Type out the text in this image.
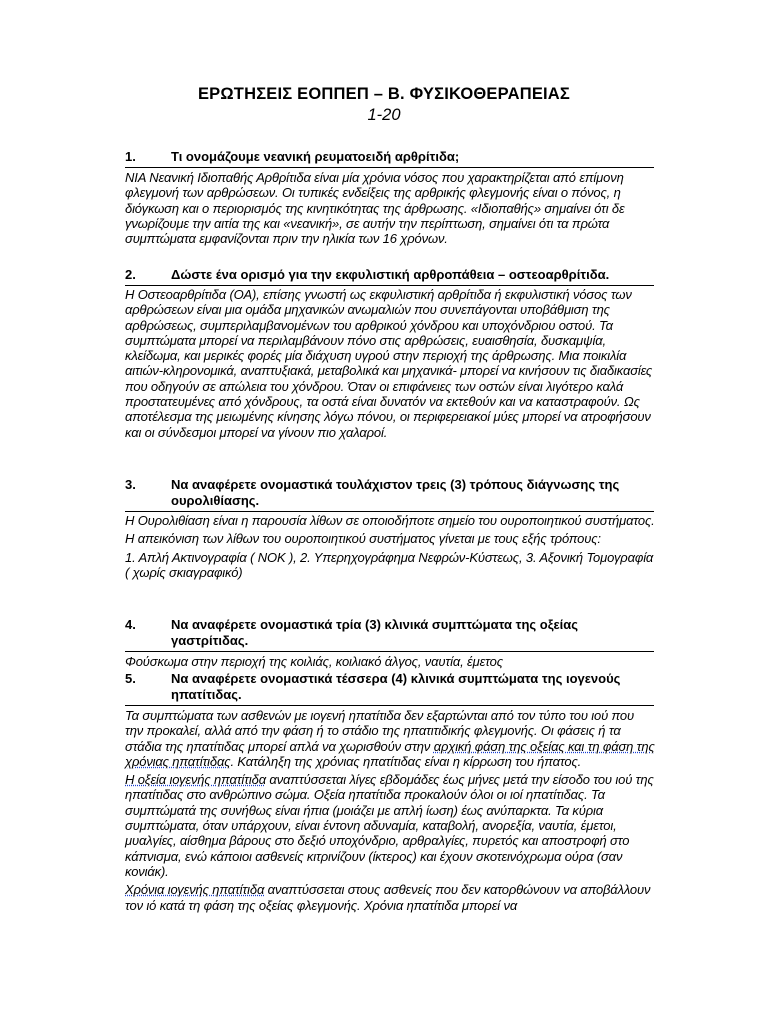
ΕΡΩΤΗΣΕΙΣ ΕΟΠΠΕΠ – Β. ΦΥΣΙΚΟΘΕΡΑΠΕΙΑΣ
1-20
1.	Τι ονομάζουμε νεανική ρευματοειδή αρθρίτιδα;

ΝΙΑ Νεανική Ιδιοπαθής Αρθρίτιδα είναι μία χρόνια νόσος που χαρακτηρίζεται από επίμονη φλεγμονή των αρθρώσεων. Οι τυπικές ενδείξεις της αρθρικής φλεγμονής είναι ο πόνος, η διόγκωση και ο περιορισμός της κινητικότητας της άρθρωσης. «Ιδιοπαθής» σημαίνει ότι δε γνωρίζουμε την αιτία της και «νεανική», σε αυτήν την περίπτωση, σημαίνει ότι τα πρώτα συμπτώματα εμφανίζονται πριν την ηλικία των 16 χρόνων.

2.	Δώστε ένα ορισμό για την εκφυλιστική αρθροπάθεια – οστεοαρθρίτιδα.

Η Οστεοαρθρίτιδα (ΟΑ), επίσης γνωστή ως εκφυλιστική αρθρίτιδα ή εκφυλιστική νόσος των αρθρώσεων είναι μια ομάδα μηχανικών ανωμαλιών που συνεπάγονται υποβάθμιση της αρθρώσεως, συμπεριλαμβανομένων του αρθρικού χόνδρου και υποχόνδριου οστού. Τα συμπτώματα μπορεί να περιλαμβάνουν πόνο στις αρθρώσεις, ευαισθησία, δυσκαμψία, κλείδωμα, και μερικές φορές μία διάχυση υγρού στην περιοχή της άρθρωσης. Μια ποικιλία αιτιών-κληρονομικά, αναπτυξιακά, μεταβολικά και μηχανικά- μπορεί να κινήσουν τις διαδικασίες που οδηγούν σε απώλεια του χόνδρου. Όταν οι επιφάνειες των οστών είναι λιγότερο καλά προστατευμένες από χόνδρους, τα οστά είναι δυνατόν να εκτεθούν και να καταστραφούν. Ως αποτέλεσμα της μειωμένης κίνησης λόγω πόνου, οι περιφερειακοί μύες μπορεί να ατροφήσουν και οι σύνδεσμοι μπορεί να γίνουν πιο χαλαροί.

3.	Να αναφέρετε ονομαστικά τουλάχιστον τρεις (3) τρόπους διάγνωσης της ουρολιθίασης.

Η Ουρολιθίαση είναι η παρουσία λίθων σε οποιοδήποτε σημείο του ουροποιητικού συστήματος.

Η απεικόνιση των λίθων του ουροποιητικού συστήματος γίνεται με τους εξής τρόπους:

1. Απλή Ακτινογραφία ( ΝΟΚ ), 2. Υπερηχογράφημα Νεφρών-Κύστεως, 3. Αξονική Τομογραφία ( χωρίς σκιαγραφικό)

4.	Να αναφέρετε ονομαστικά τρία (3) κλινικά συμπτώματα της οξείας γαστρίτιδας.

Φούσκωμα στην περιοχή της κοιλιάς, κοιλιακό άλγος, ναυτία, έμετος

5.	Να αναφέρετε ονομαστικά τέσσερα (4) κλινικά συμπτώματα της ιογενούς ηπατίτιδας.

Τα συμπτώματα των ασθενών με ιογενή ηπατίτιδα δεν εξαρτώνται από τον τύπο του ιού που την προκαλεί, αλλά από την φάση ή το στάδιο της ηπατιτιδικής φλεγμονής. Οι φάσεις ή τα στάδια της ηπατίτιδας μπορεί απλά να χωρισθούν στην αρχική φάση της οξείας και τη φάση της χρόνιας ηπατίτιδας. Κατάληξη της χρόνιας ηπατίτιδας είναι η κίρρωση του ήπατος.

Η οξεία ιογενής ηπατίτιδα αναπτύσσεται λίγες εβδομάδες έως μήνες μετά την είσοδο του ιού της ηπατίτιδας στο ανθρώπινο σώμα. Οξεία ηπατίτιδα προκαλούν όλοι οι ιοί ηπατίτιδας. Τα συμπτώματά της συνήθως είναι ήπια (μοιάζει με απλή ίωση) έως ανύπαρκτα. Τα κύρια συμπτώματα, όταν υπάρχουν, είναι έντονη αδυναμία, καταβολή, ανορεξία, ναυτία, έμετοι, μυαλγίες, αίσθημα βάρους στο δεξιό υποχόνδριο, αρθραλγίες, πυρετός και αποστροφή στο κάπνισμα, ενώ κάποιοι ασθενείς κιτρινίζουν (ίκτερος) και έχουν σκοτεινόχρωμα ούρα (σαν κονιάκ).

Χρόνια ιογενής ηπατίτιδα αναπτύσσεται στους ασθενείς που δεν κατορθώνουν να αποβάλλουν τον ιό κατά τη φάση της οξείας φλεγμονής. Χρόνια ηπατίτιδα μπορεί να
